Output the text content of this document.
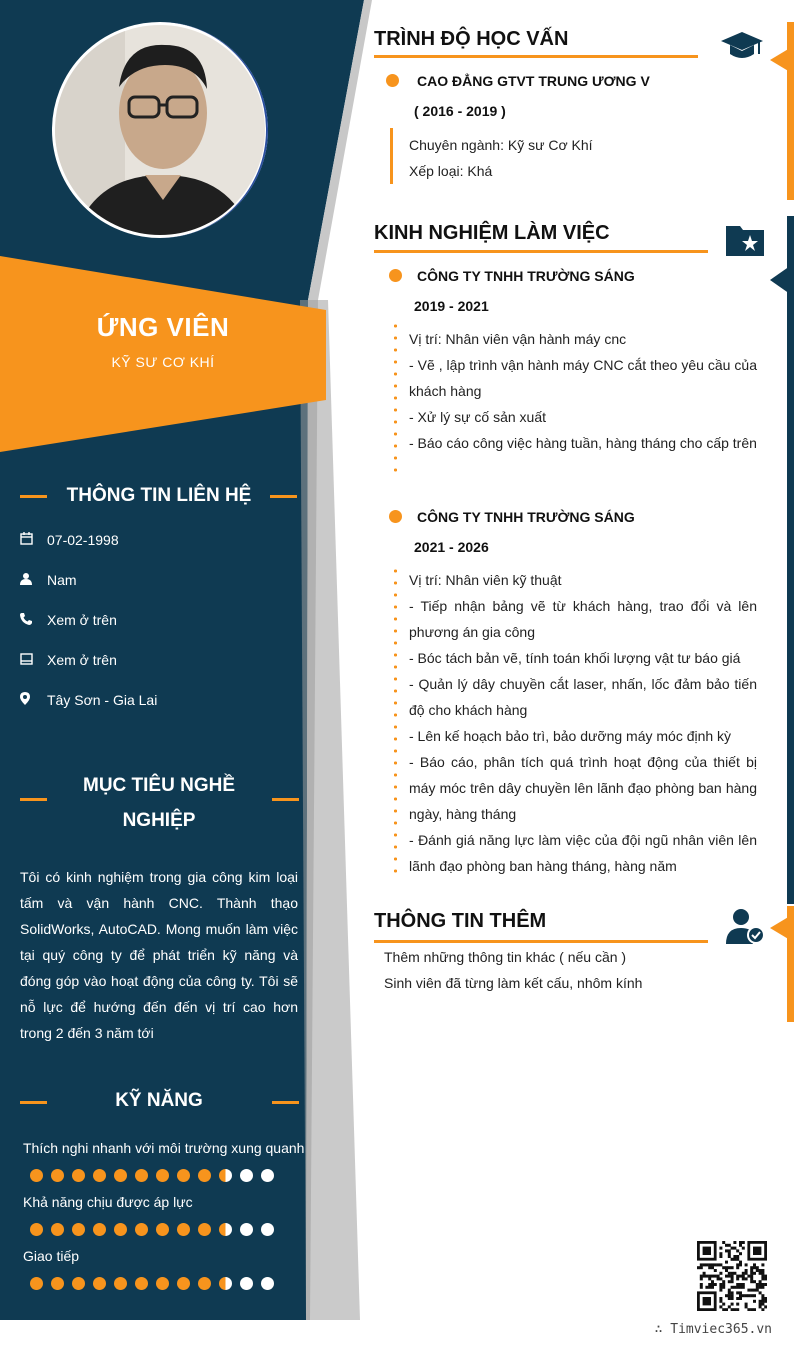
ỨNG VIÊN
KỸ SƯ CƠ KHÍ
THÔNG TIN LIÊN HỆ
07-02-1998
Nam
Xem ở trên
Xem ở trên
Tây Sơn - Gia Lai
MỤC TIÊU NGHỀ
NGHIỆP
Tôi có kinh nghiệm trong gia công kim loại tấm và vận hành CNC. Thành thạo SolidWorks, AutoCAD. Mong muốn làm việc tại quý công ty để phát triển kỹ năng và đóng góp vào hoạt động của công ty. Tôi sẽ nỗ lực để hướng đến đến vị trí cao hơn trong 2 đến 3 năm tới
KỸ NĂNG
Thích nghi nhanh với môi trường xung quanh
Khả năng chịu được áp lực
Giao tiếp
TRÌNH ĐỘ HỌC VẤN
CAO ĐẲNG GTVT TRUNG ƯƠNG V
( 2016 - 2019 )
Chuyên ngành: Kỹ sư Cơ Khí
Xếp loại: Khá
KINH NGHIỆM LÀM VIỆC
CÔNG TY TNHH TRƯỜNG SÁNG
2019 - 2021
Vị trí: Nhân viên vận hành máy cnc
- Vẽ , lập trình vận hành máy CNC cắt theo yêu cầu của khách hàng
- Xử lý sự cố sản xuất
- Báo cáo công việc hàng tuần, hàng tháng cho cấp trên
CÔNG TY TNHH TRƯỜNG SÁNG
2021 - 2026
Vị trí: Nhân viên kỹ thuật
- Tiếp nhận bảng vẽ từ khách hàng, trao đổi và lên phương án gia công
- Bóc tách bản vẽ, tính toán khối lượng vật tư báo giá
- Quản lý dây chuyền cắt laser, nhấn, lốc đảm bảo tiến độ cho khách hàng
- Lên kế hoạch bảo trì, bảo dưỡng máy móc định kỳ
- Báo cáo, phân tích quá trình hoạt động của thiết bị máy móc trên dây chuyền lên lãnh đạo phòng ban hàng ngày, hàng tháng
- Đánh giá năng lực làm việc của đội ngũ nhân viên lên lãnh đạo phòng ban hàng tháng, hàng năm
THÔNG TIN THÊM
Thêm những thông tin khác ( nếu cần )
Sinh viên đã từng làm kết cấu, nhôm kính
∴ Timviec365.vn
